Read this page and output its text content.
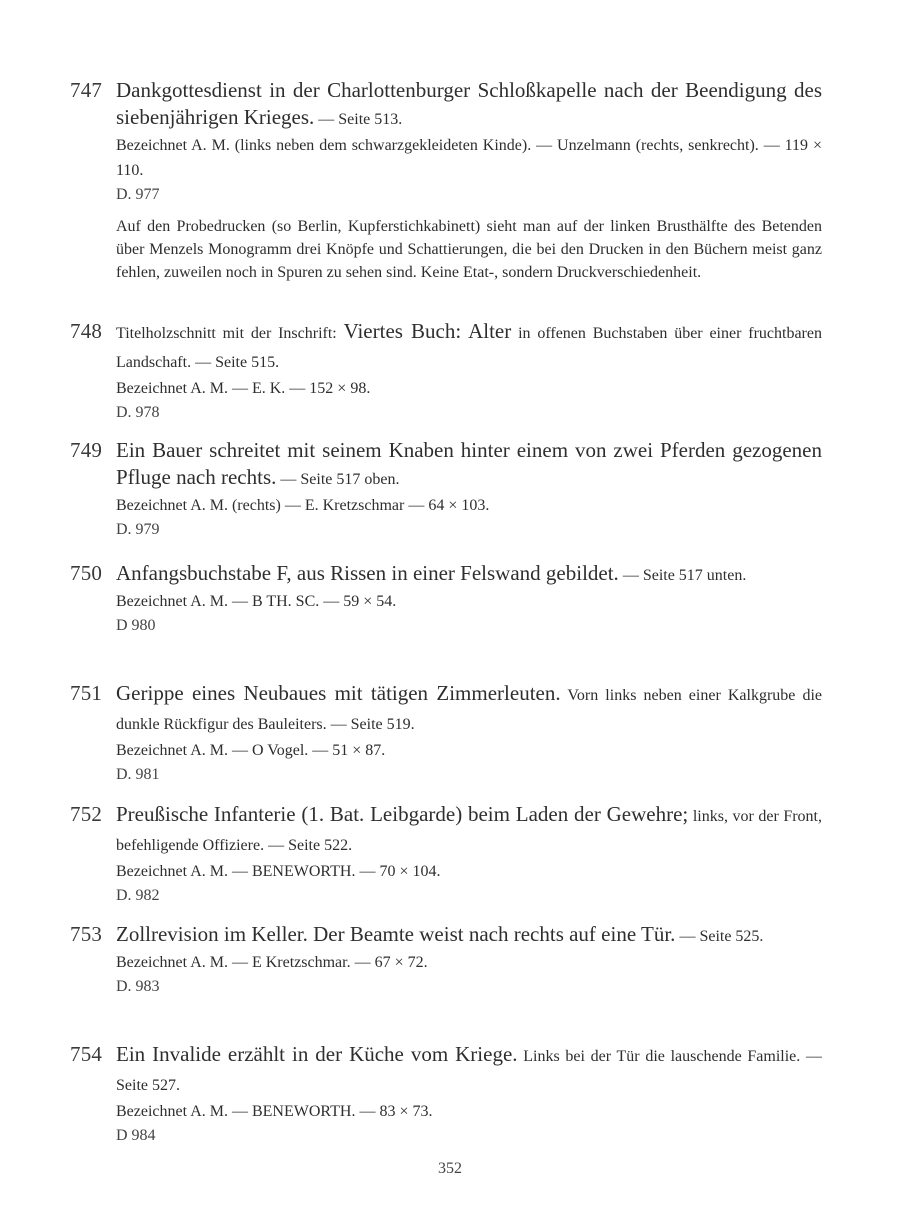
747 Dankgottesdienst in der Charlottenburger Schloßkapelle nach der Beendigung des siebenjährigen Krieges. — Seite 513.

Bezeichnet A. M. (links neben dem schwarzgekleideten Kinde). — Unzelmann (rechts, senkrecht). — 119 × 110.

D. 977

Auf den Probedrucken (so Berlin, Kupferstichkabinett) sieht man auf der linken Brusthälfte des Betenden über Menzels Monogramm drei Knöpfe und Schattierungen, die bei den Drucken in den Büchern meist ganz fehlen, zuweilen noch in Spuren zu sehen sind. Keine Etat-, sondern Druckverschiedenheit.

748 Titelholzschnitt mit der Inschrift: Viertes Buch: Alter in offenen Buchstaben über einer fruchtbaren Landschaft. — Seite 515.

Bezeichnet A. M. — E. K. — 152 × 98.

D. 978

749 Ein Bauer schreitet mit seinem Knaben hinter einem von zwei Pferden gezogenen Pfluge nach rechts. — Seite 517 oben.

Bezeichnet A. M. (rechts) — E. Kretzschmar — 64 × 103.

D. 979

750 Anfangsbuchstabe F, aus Rissen in einer Felswand gebildet. — Seite 517 unten.

Bezeichnet A. M. — B TH. SC. — 59 × 54.

D 980

751 Gerippe eines Neubaues mit tätigen Zimmerleuten. Vorn links neben einer Kalkgrube die dunkle Rückfigur des Bauleiters. — Seite 519.

Bezeichnet A. M. — O Vogel. — 51 × 87.

D. 981

752 Preußische Infanterie (1. Bat. Leibgarde) beim Laden der Gewehre; links, vor der Front, befehligende Offiziere. — Seite 522.

Bezeichnet A. M. — BENEWORTH. — 70 × 104.

D. 982

753 Zollrevision im Keller. Der Beamte weist nach rechts auf eine Tür. — Seite 525.

Bezeichnet A. M. — E Kretzschmar. — 67 × 72.

D. 983

754 Ein Invalide erzählt in der Küche vom Kriege. Links bei der Tür die lauschende Familie. — Seite 527.

Bezeichnet A. M. — BENEWORTH. — 83 × 73.

D 984

352
